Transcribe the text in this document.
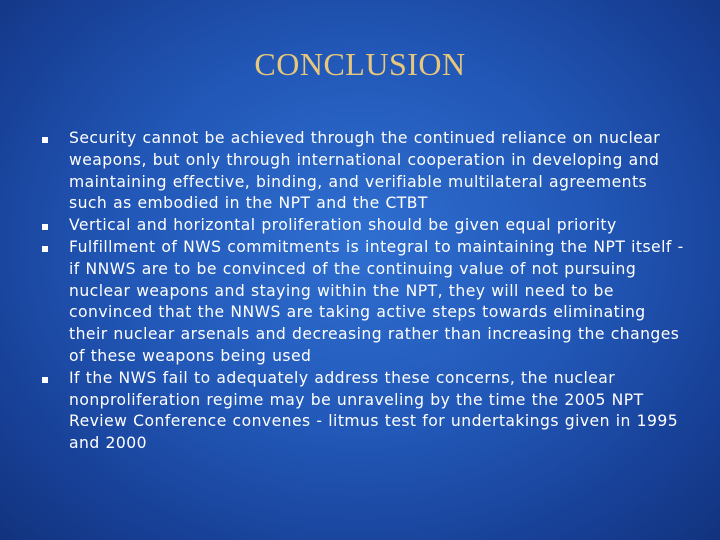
CONCLUSION
Security cannot be achieved through the continued reliance on nuclear weapons, but only through international cooperation in developing and maintaining effective, binding, and verifiable multilateral agreements such as embodied in the NPT and the CTBT
Vertical and horizontal proliferation should be given equal priority
Fulfillment of NWS commitments is integral to maintaining the NPT itself - if NNWS are to be convinced of the continuing value of not pursuing nuclear weapons and staying within the NPT, they will need to be convinced that the NNWS are taking active steps towards eliminating their nuclear arsenals and decreasing rather than increasing the changes of these weapons being used
If the NWS fail to adequately address these concerns, the nuclear nonproliferation regime may be unraveling by the time the 2005 NPT Review Conference convenes - litmus test for undertakings given in 1995 and 2000
